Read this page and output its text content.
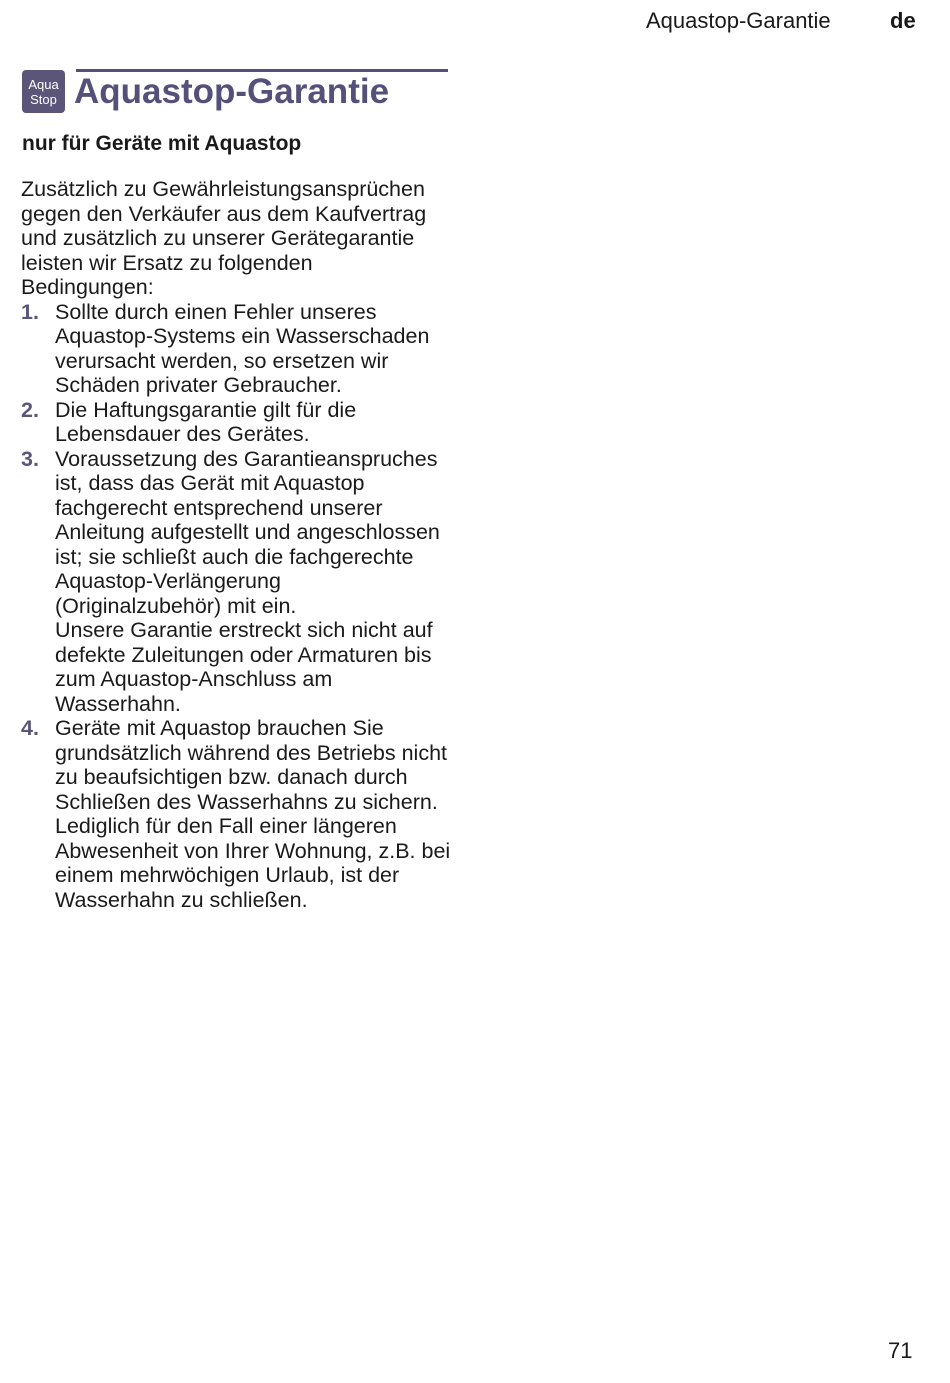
Aquastop-Garantie	de
Aqua
Stop Aquastop-Garantie
nur für Geräte mit Aquastop

Zusätzlich zu Gewährleistungsansprüchen gegen den Verkäufer aus dem Kaufvertrag und zusätzlich zu unserer Gerätegarantie leisten wir Ersatz zu folgenden Bedingungen:

1. Sollte durch einen Fehler unseres Aquastop-Systems ein Wasserschaden verursacht werden, so ersetzen wir Schäden privater Gebraucher.
2. Die Haftungsgarantie gilt für die Lebensdauer des Gerätes.
3. Voraussetzung des Garantieanspruches ist, dass das Gerät mit Aquastop fachgerecht entsprechend unserer Anleitung aufgestellt und angeschlossen ist; sie schließt auch die fachgerechte Aquastop-Verlängerung (Originalzubehör) mit ein.
Unsere Garantie erstreckt sich nicht auf defekte Zuleitungen oder Armaturen bis zum Aquastop-Anschluss am Wasserhahn.
4. Geräte mit Aquastop brauchen Sie grundsätzlich während des Betriebs nicht zu beaufsichtigen bzw. danach durch Schließen des Wasserhahns zu sichern.
Lediglich für den Fall einer längeren Abwesenheit von Ihrer Wohnung, z.B. bei einem mehrwöchigen Urlaub, ist der Wasserhahn zu schließen.
71
